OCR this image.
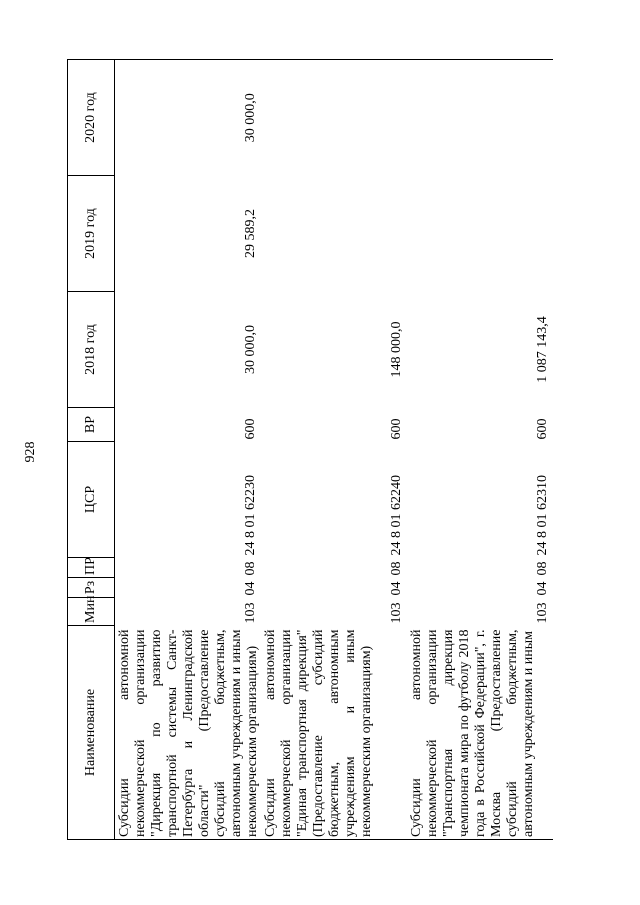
928
Наименование	Мин	Рз	ПР	ЦСР	ВР	2018 год	2019 год	2020 год
Субсидии автономной некоммерческой организации "Дирекция по развитию транспортной системы Санкт-Петербурга и Ленинградской области" (Предоставление субсидий бюджетным, автономным учреждениям и иным некоммерческим организациям)	103	04	08	24 8 01 62230	600	30 000,0	29 589,2	30 000,0
Субсидии автономной некоммерческой организации "Единая транспортная дирекция" (Предоставление субсидий бюджетным, автономным учреждениям и иным некоммерческим организациям)	103	04	08	24 8 01 62240	600	148 000,0		
Субсидии автономной некоммерческой организации "Транспортная дирекция чемпионата мира по футболу 2018 года в Российской Федерации", г. Москва (Предоставление субсидий бюджетным, автономным учреждениям и иным	103	04	08	24 8 01 62310	600	1 087 143,4		
